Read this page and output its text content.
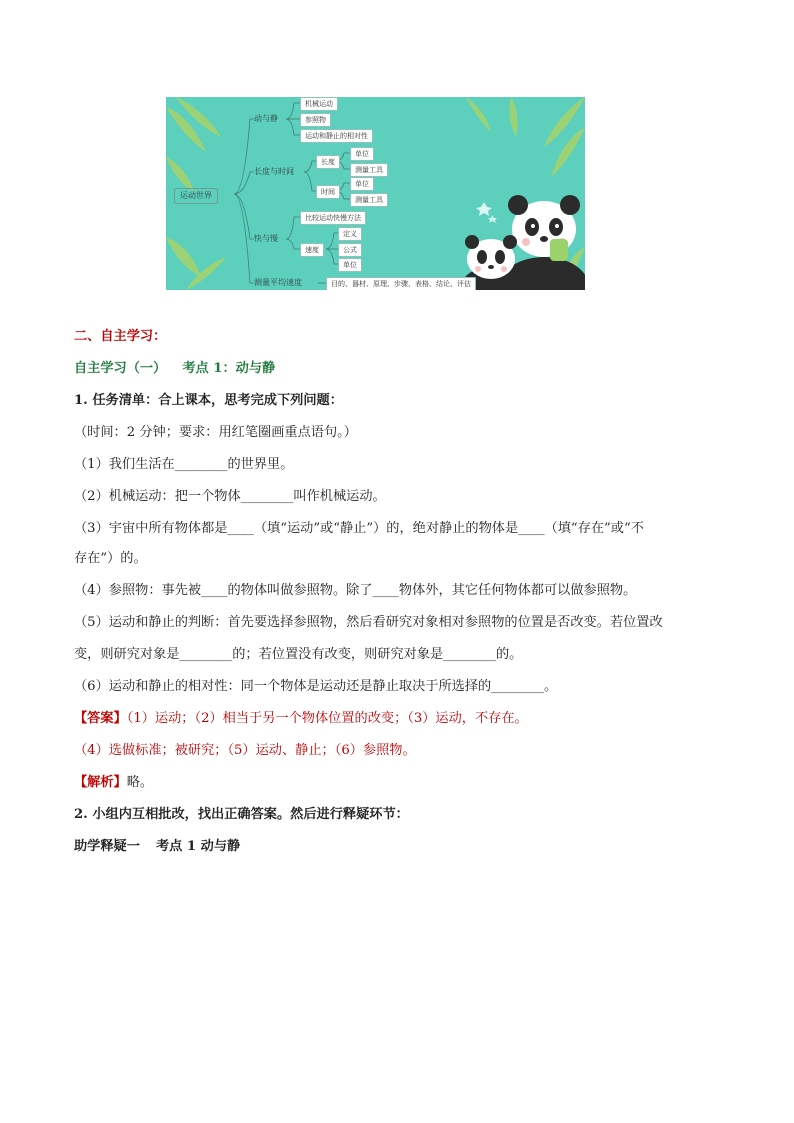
运动世界
动与静
机械运动
参照物
运动和静止的相对性
长度与时间
长度
单位
测量工具
时间
单位
测量工具
快与慢
比较运动快慢方法
速度
定义
公式
单位
测量平均速度	目的、器材、原理、步骤、表格、结论、评估
二、自主学习：
自主学习（一） 考点 1：动与静
1. 任务清单：合上课本，思考完成下列问题：
（时间：2 分钟；要求：用红笔圈画重点语句。）
（1）我们生活在________的世界里。
（2）机械运动：把一个物体________叫作机械运动。
（3）宇宙中所有物体都是____（填“运动”或“静止”）的，绝对静止的物体是____（填“存在”或“不
存在”）的。
（4）参照物：事先被____的物体叫做参照物。除了____物体外，其它任何物体都可以做参照物。
（5）运动和静止的判断：首先要选择参照物，然后看研究对象相对参照物的位置是否改变。若位置改
变，则研究对象是________的；若位置没有改变，则研究对象是________的。
（6）运动和静止的相对性：同一个物体是运动还是静止取决于所选择的________。
【答案】（1）运动；（2）相当于另一个物体位置的改变；（3）运动，不存在。
（4）选做标准；被研究；（5）运动、静止；（6）参照物。
【解析】略。
2. 小组内互相批改，找出正确答案。然后进行释疑环节：
助学释疑一 考点 1 动与静
